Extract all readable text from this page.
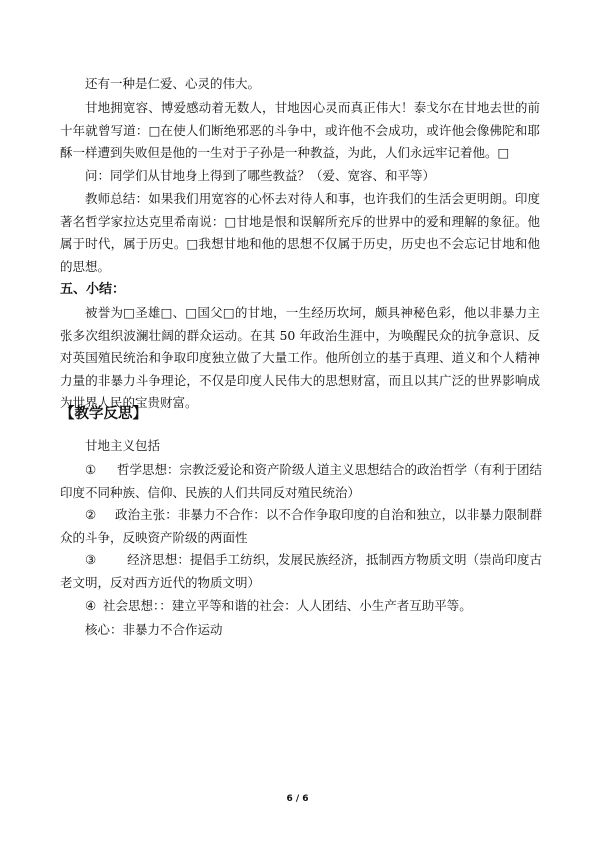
还有一种是仁爱、心灵的伟大。
甘地拥宽容、博爱感动着无数人，甘地因心灵而真正伟大！泰戈尔在甘地去世的前十年就曾写道：□在使人们断绝邪恶的斗争中，或许他不会成功，或许他会像佛陀和耶酥一样遭到失败但是他的一生对于子孙是一种教益，为此，人们永远牢记着他。□
问：同学们从甘地身上得到了哪些教益？（爱、宽容、和平等）
教师总结：如果我们用宽容的心怀去对待人和事，也许我们的生活会更明朗。印度著名哲学家拉达克里希南说：□甘地是恨和误解所充斥的世界中的爱和理解的象征。他属于时代，属于历史。□我想甘地和他的思想不仅属于历史，历史也不会忘记甘地和他的思想。
五、小结：
被誉为□圣雄□、□国父□的甘地，一生经历坎坷，颇具神秘色彩，他以非暴力主张多次组织波澜壮阔的群众运动。在其 50 年政治生涯中，为唤醒民众的抗争意识、反对英国殖民统治和争取印度独立做了大量工作。他所创立的基于真理、道义和个人精神力量的非暴力斗争理论，不仅是印度人民伟大的思想财富，而且以其广泛的世界影响成为世界人民的宝贵财富。
【教学反思】
甘地主义包括
① 哲学思想：宗教泛爱论和资产阶级人道主义思想结合的政治哲学（有利于团结印度不同种族、信仰、民族的人们共同反对殖民统治）
② 政治主张：非暴力不合作：以不合作争取印度的自治和独立，以非暴力限制群众的斗争，反映资产阶级的两面性
③ 经济思想：提倡手工纺织，发展民族经济，抵制西方物质文明（崇尚印度古老文明，反对西方近代的物质文明）
④ 社会思想：：建立平等和谐的社会：人人团结、小生产者互助平等。
核心：非暴力不合作运动
6 / 6
